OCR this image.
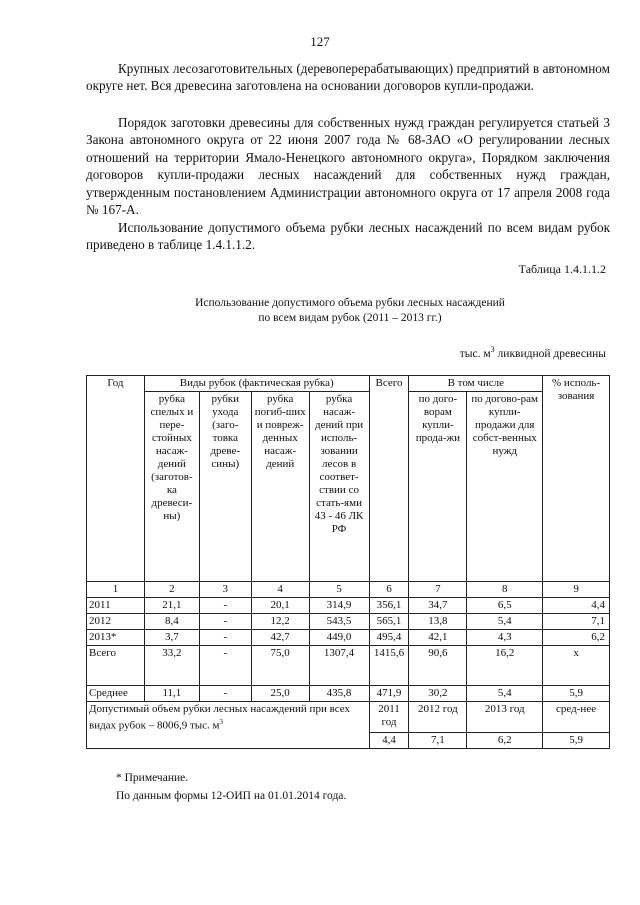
127

Крупных лесозаготовительных (деревоперерабатывающих) предприятий в автономном округе нет. Вся древесина заготовлена на основании договоров купли-продажи.

Порядок заготовки древесины для собственных нужд граждан регулируется статьей 3 Закона автономного округа от 22 июня 2007 года № 68-ЗАО «О регулировании лесных отношений на территории Ямало-Ненецкого автономного округа», Порядком заключения договоров купли-продажи лесных насаждений для собственных нужд граждан, утвержденным постановлением Администрации автономного округа от 17 апреля 2008 года № 167-А.

Использование допустимого объема рубки лесных насаждений по всем видам рубок приведено в таблице 1.4.1.1.2.

Таблица 1.4.1.1.2
Использование допустимого объема рубки лесных насаждений
по всем видам рубок (2011 – 2013 гг.)
тыс. $м^3$ ликвидной древесины
Год	Виды рубок (фактическая рубка)				Всего	В том числе		% исполь-зования
	рубка спелых и пере-стойных насаж-дений (заготов-ка древеси-ны)	рубки ухода (заго-товка древе-сины)	рубка погиб-ших и повреж-денных насаж-дений	рубка насаж-дений при исполь-зовании лесов в соответ-ствии со стать-ями 43 - 46 ЛК РФ		по дого-ворам купли-прода-жи	по догово-рам купли-продажи для собст-венных нужд	
1	2	3	4	5	6	7	8	9
2011	21,1	-	20,1	314,9	356,1	34,7	6,5	4,4
2012	8,4	-	12,2	543,5	565,1	13,8	5,4	7,1
2013*	3,7	-	42,7	449,0	495,4	42,1	4,3	6,2
Всего	33,2	-	75,0	1307,4	1415,6	90,6	16,2	х
Среднее	11,1	-	25,0	435,8	471,9	30,2	5,4	5,9
Допустимый объем рубки лесных насаждений при всех видах рубок – 8006,9 тыс. $м^3$					2011 год	2012 год	2013 год	сред-нее
					4,4	7,1	6,2	5,9
* Примечание.
По данным формы 12-ОИП на 01.01.2014 года.
